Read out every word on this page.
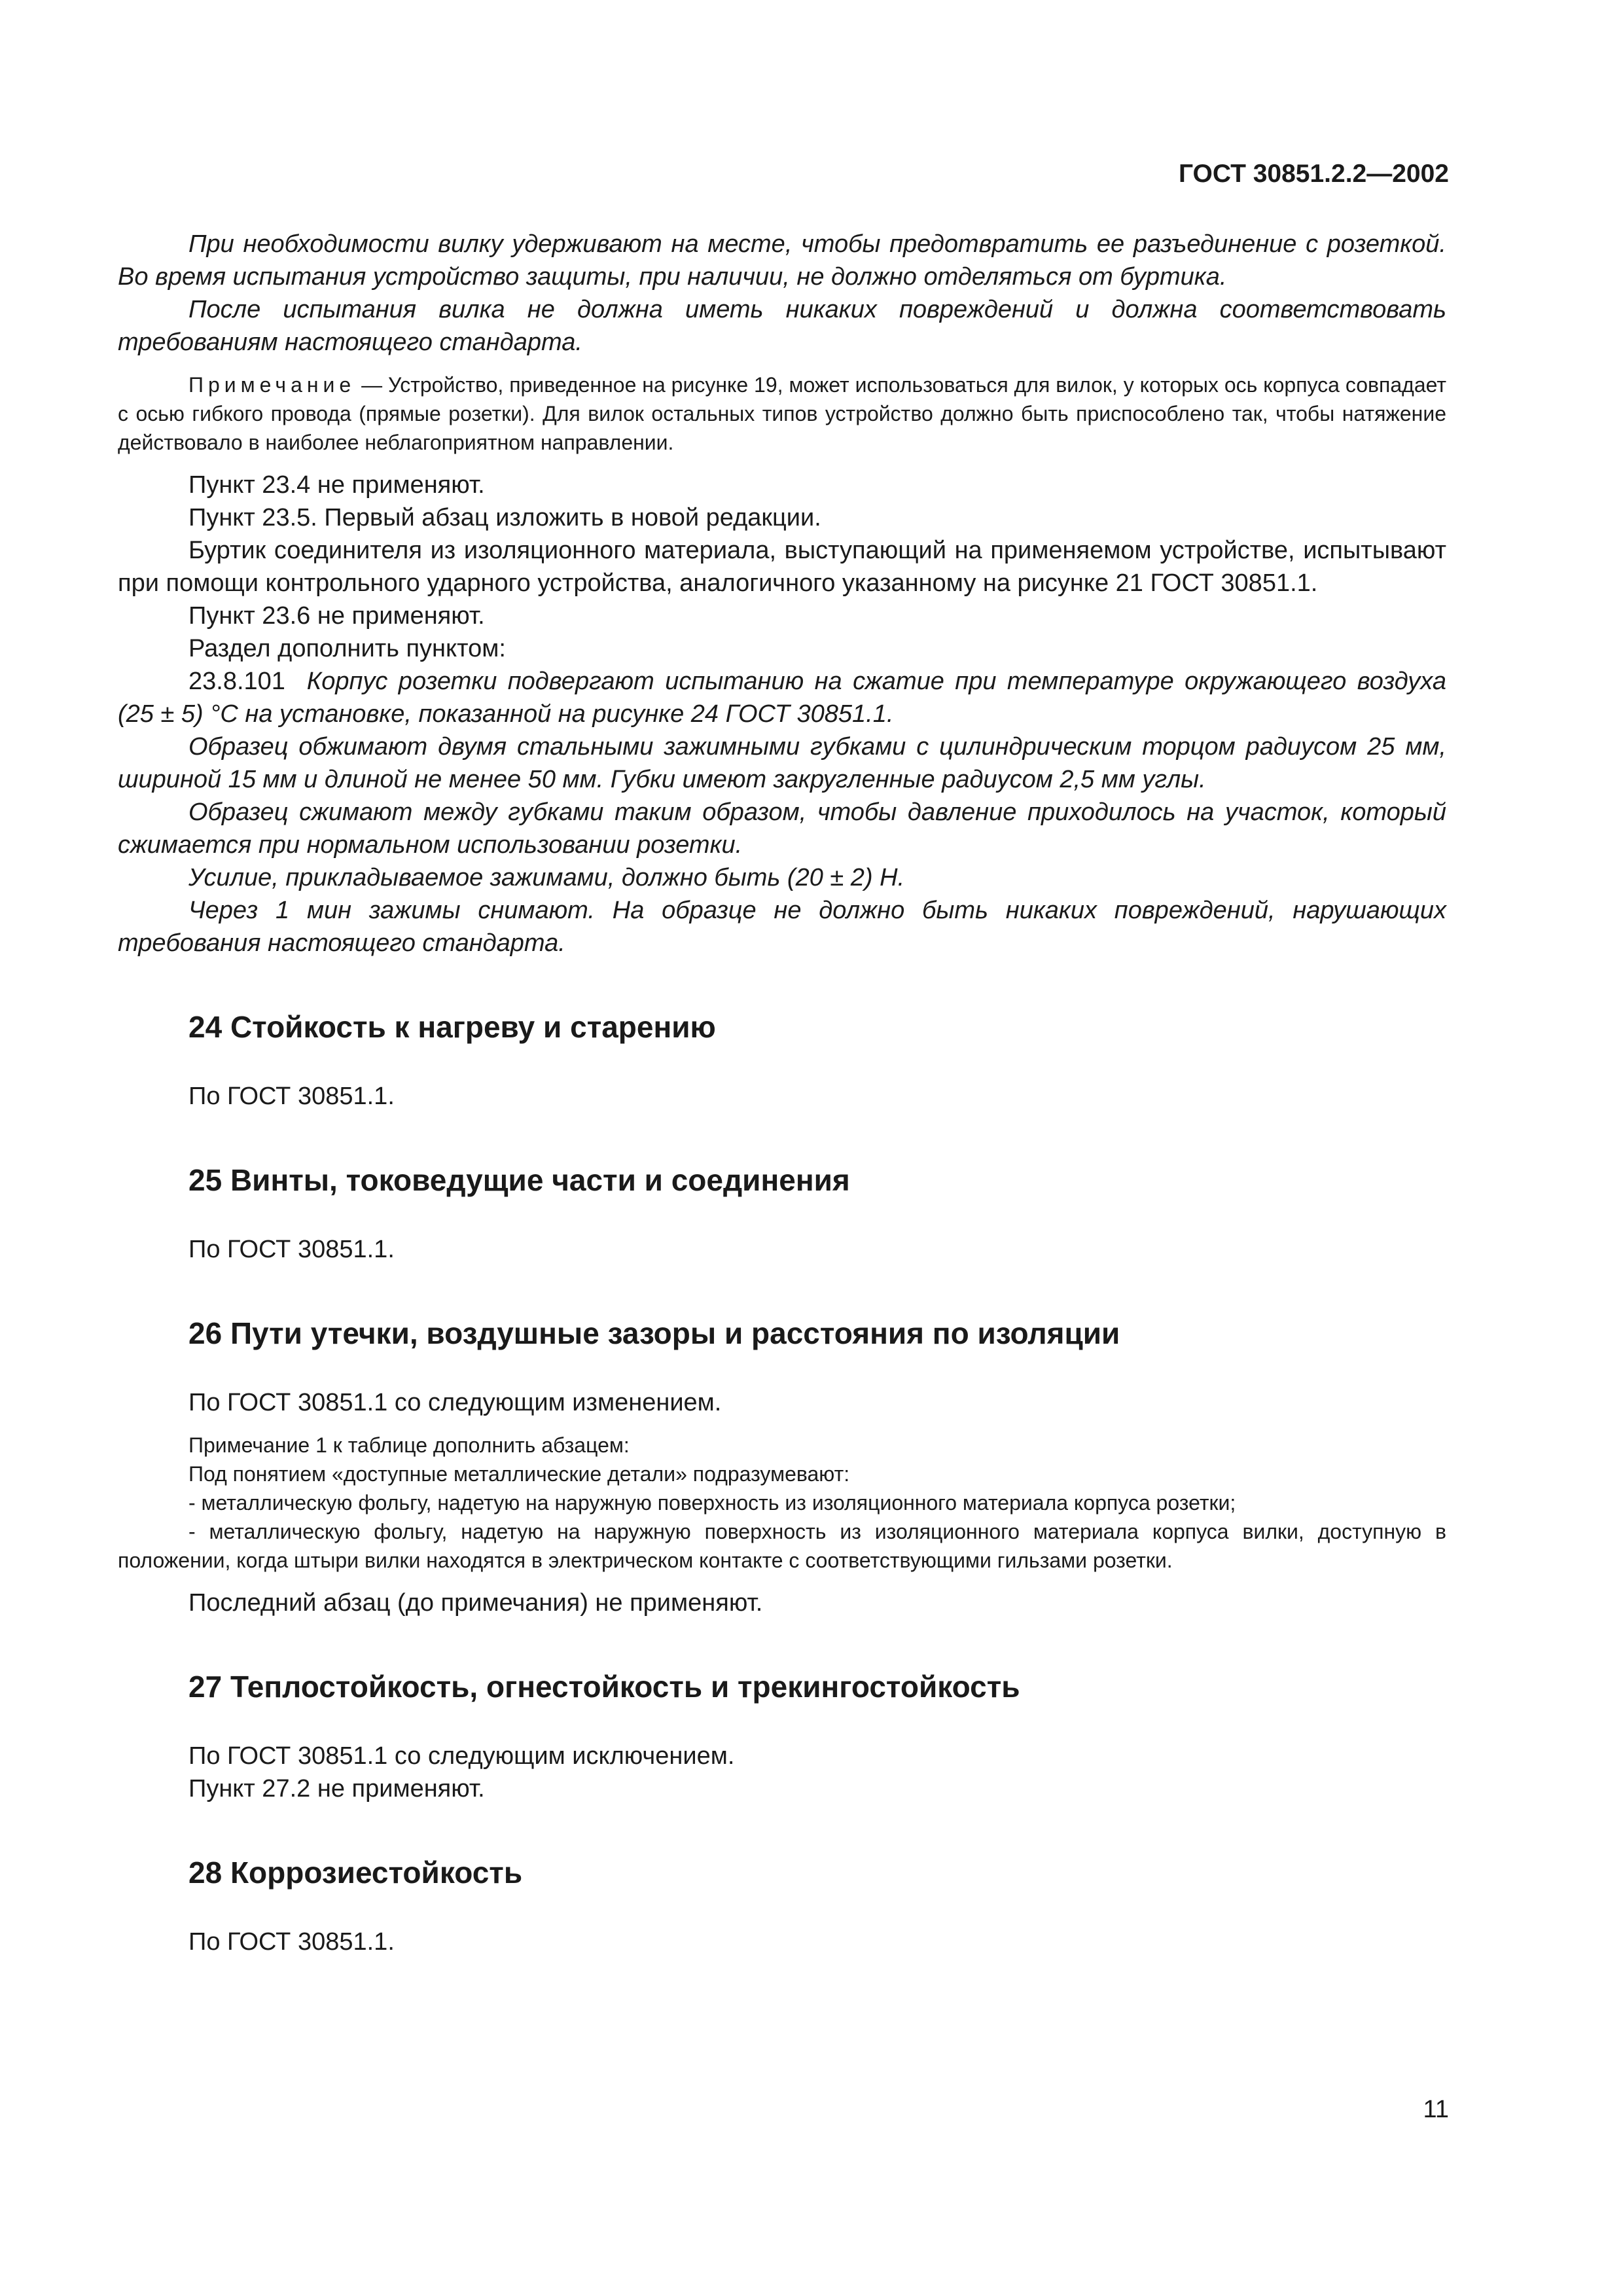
ГОСТ 30851.2.2—2002

При необходимости вилку удерживают на месте, чтобы предотвратить ее разъединение с розеткой. Во время испытания устройство защиты, при наличии, не должно отделяться от буртика.

После испытания вилка не должна иметь никаких повреждений и должна соответствовать требованиям настоящего стандарта.

Примечание — Устройство, приведенное на рисунке 19, может использоваться для вилок, у которых ось корпуса совпадает с осью гибкого провода (прямые розетки). Для вилок остальных типов устройство должно быть приспособлено так, чтобы натяжение действовало в наиболее неблагоприятном направлении.

Пункт 23.4 не применяют.

Пункт 23.5. Первый абзац изложить в новой редакции.

Буртик соединителя из изоляционного материала, выступающий на применяемом устройстве, испытывают при помощи контрольного ударного устройства, аналогичного указанному на рисунке 21 ГОСТ 30851.1.

Пункт 23.6 не применяют.

Раздел дополнить пунктом:

23.8.101 Корпус розетки подвергают испытанию на сжатие при температуре окружающего воздуха (25 ± 5) °С на установке, показанной на рисунке 24 ГОСТ 30851.1.

Образец обжимают двумя стальными зажимными губками с цилиндрическим торцом радиусом 25 мм, шириной 15 мм и длиной не менее 50 мм. Губки имеют закругленные радиусом 2,5 мм углы.

Образец сжимают между губками таким образом, чтобы давление приходилось на участок, который сжимается при нормальном использовании розетки.

Усилие, прикладываемое зажимами, должно быть (20 ± 2) Н.

Через 1 мин зажимы снимают. На образце не должно быть никаких повреждений, нарушающих требования настоящего стандарта.

24 Стойкость к нагреву и старению

По ГОСТ 30851.1.

25 Винты, токоведущие части и соединения

По ГОСТ 30851.1.

26 Пути утечки, воздушные зазоры и расстояния по изоляции

По ГОСТ 30851.1 со следующим изменением.

Примечание 1 к таблице дополнить абзацем:

Под понятием «доступные металлические детали» подразумевают:

- металлическую фольгу, надетую на наружную поверхность из изоляционного материала корпуса розетки;

- металлическую фольгу, надетую на наружную поверхность из изоляционного материала корпуса вилки, доступную в положении, когда штыри вилки находятся в электрическом контакте с соответствующими гильзами розетки.

Последний абзац (до примечания) не применяют.

27 Теплостойкость, огнестойкость и трекингостойкость

По ГОСТ 30851.1 со следующим исключением.

Пункт 27.2 не применяют.

28 Коррозиестойкость

По ГОСТ 30851.1.

11
